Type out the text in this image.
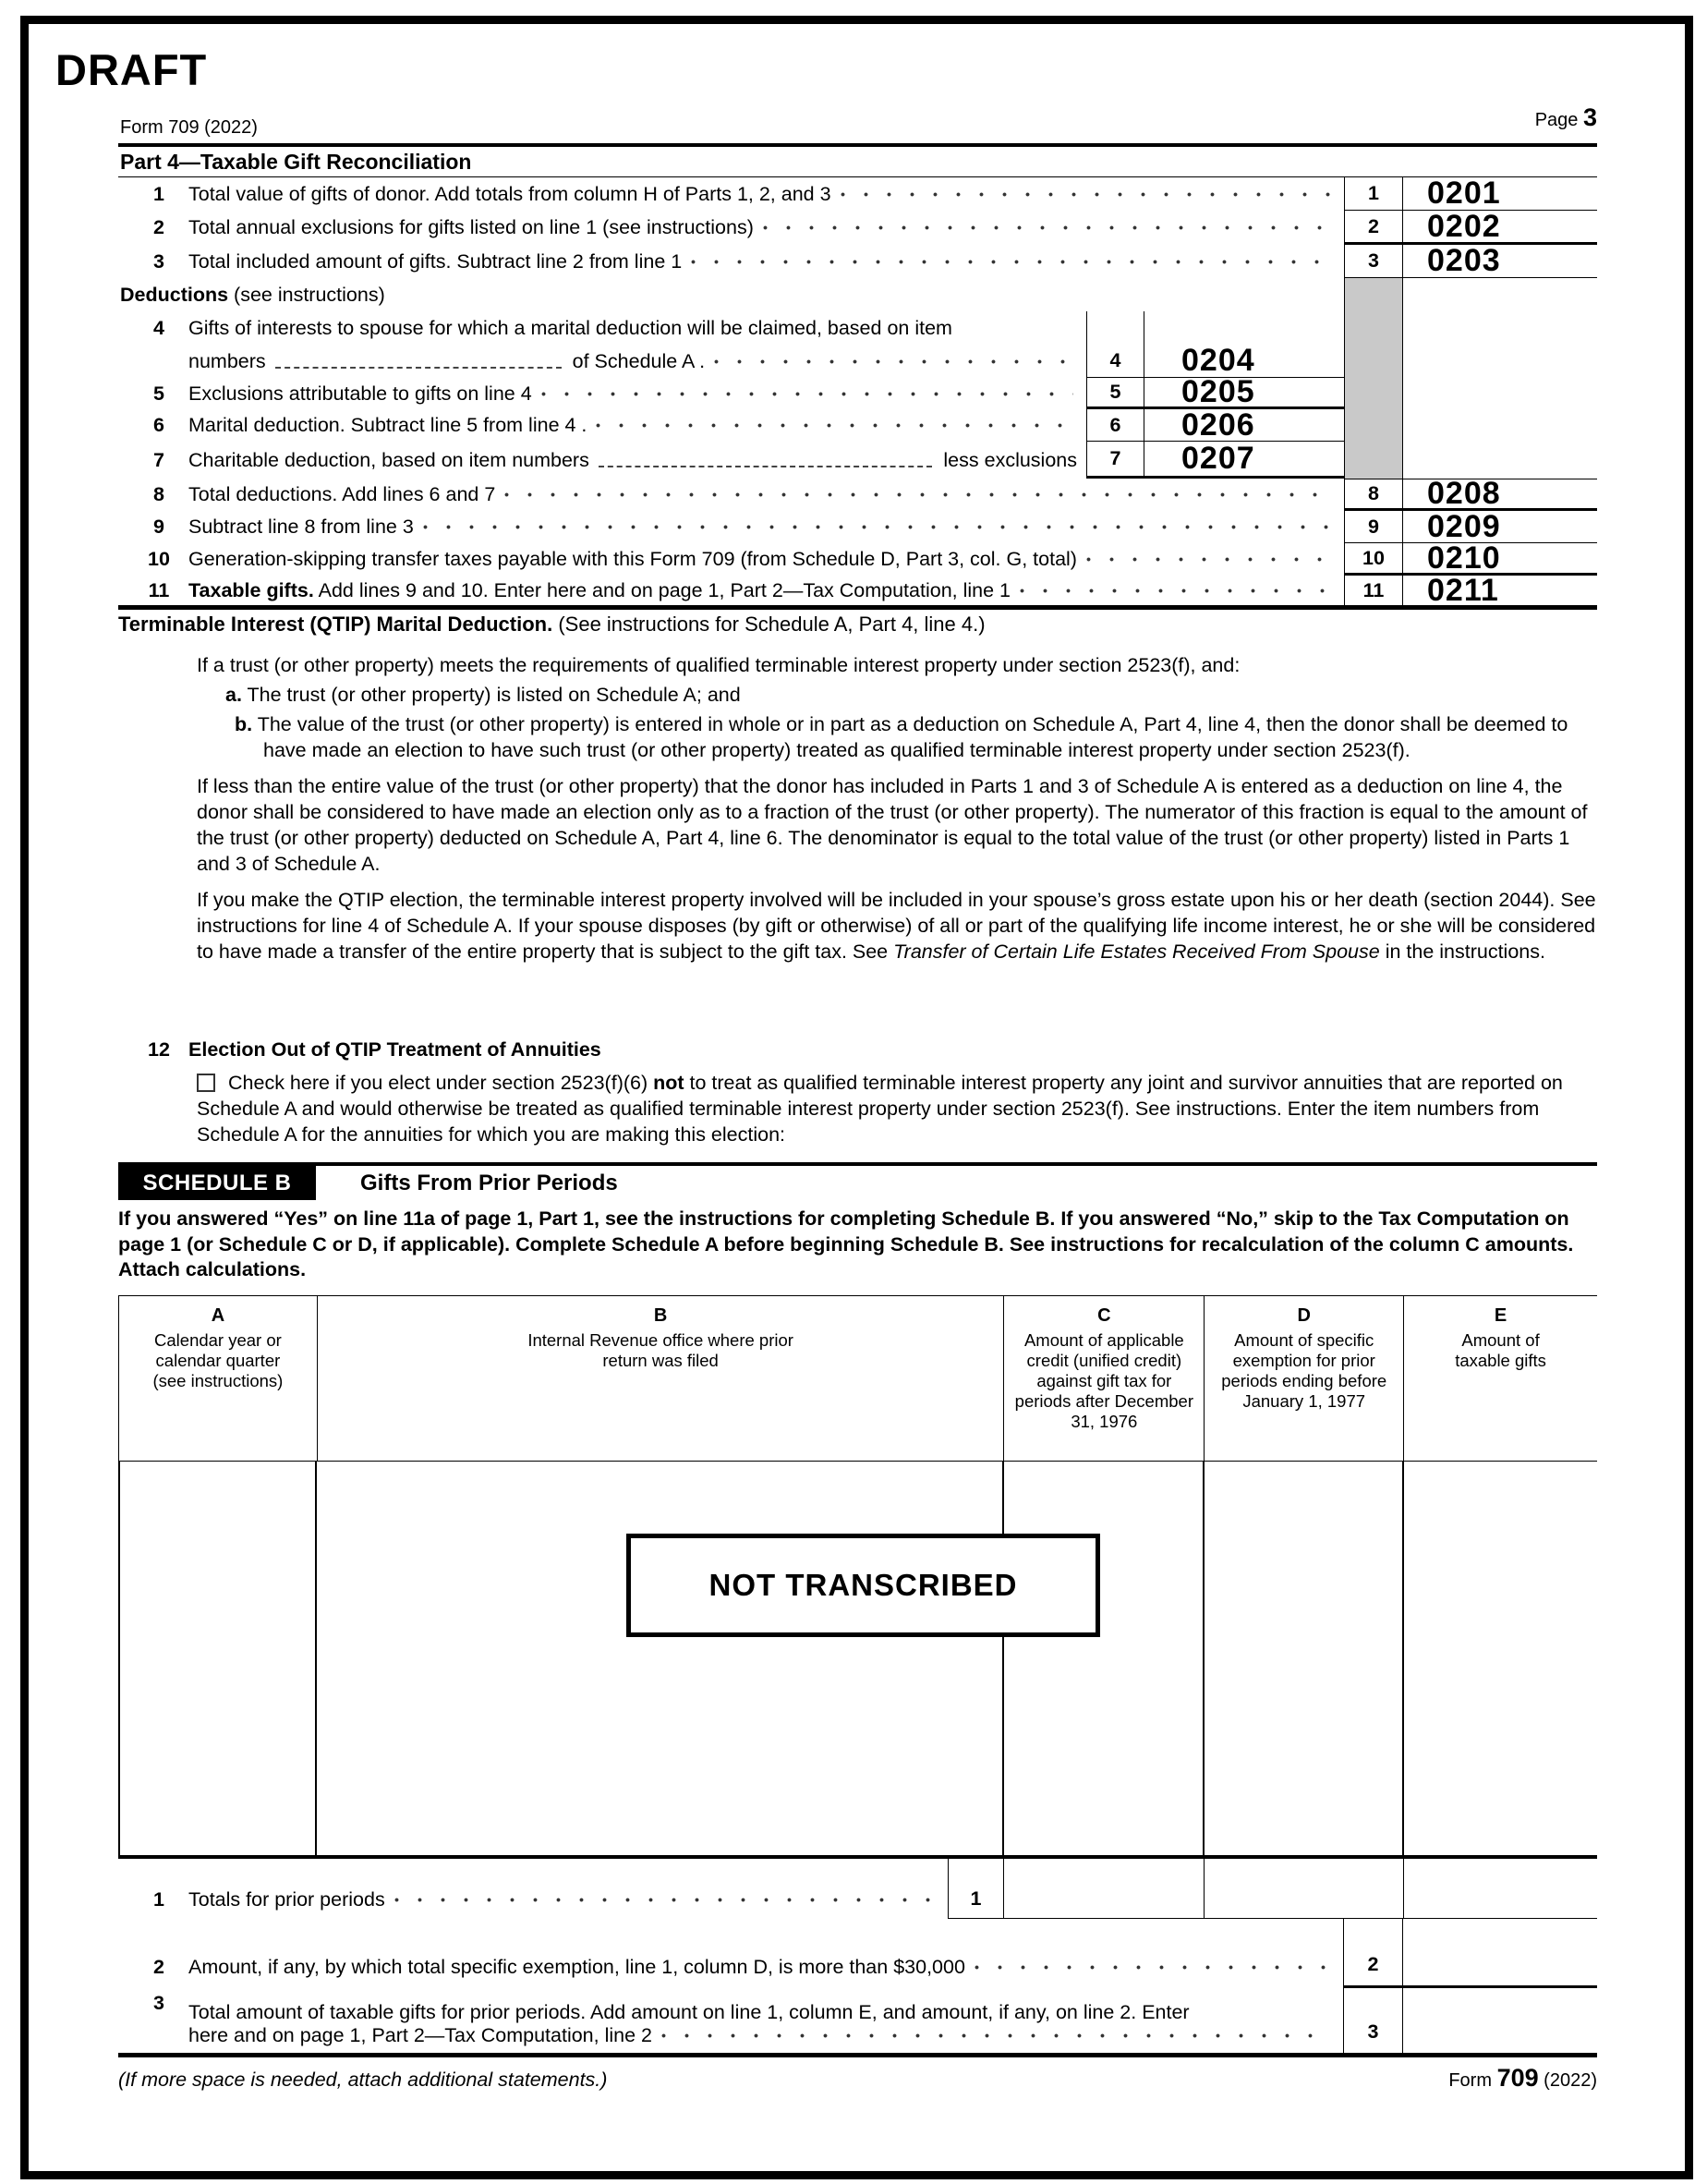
DRAFT
Form 709 (2022)	Page 3
Part 4—Taxable Gift Reconciliation
1	Total value of gifts of donor. Add totals from column H of Parts 1, 2, and 3	1	0201
2	Total annual exclusions for gifts listed on line 1 (see instructions)	2	0202
3	Total included amount of gifts. Subtract line 2 from line 1	3	0203
Deductions (see instructions)
4	Gifts of interests to spouse for which a marital deduction will be claimed, based on item
numbers	of Schedule A .	4	0204
5	Exclusions attributable to gifts on line 4	5	0205
6	Marital deduction. Subtract line 5 from line 4 .	6	0206
7	Charitable deduction, based on item numbers	less exclusions	7	0207
8	Total deductions. Add lines 6 and 7	8	0208
9	Subtract line 8 from line 3	9	0209
10 Generation-skipping transfer taxes payable with this Form 709 (from Schedule D, Part 3, col. G, total)	10	0210
11 Taxable gifts. Add lines 9 and 10. Enter here and on page 1, Part 2—Tax Computation, line 1	11	0211
Terminable Interest (QTIP) Marital Deduction. (See instructions for Schedule A, Part 4, line 4.)

If a trust (or other property) meets the requirements of qualified terminable interest property under section 2523(f), and:

a. The trust (or other property) is listed on Schedule A; and

b. The value of the trust (or other property) is entered in whole or in part as a deduction on Schedule A, Part 4, line 4, then the donor shall be deemed to have made an election to have such trust (or other property) treated as qualified terminable interest property under section 2523(f).

If less than the entire value of the trust (or other property) that the donor has included in Parts 1 and 3 of Schedule A is entered as a deduction on line 4, the donor shall be considered to have made an election only as to a fraction of the trust (or other property). The numerator of this fraction is equal to the amount of the trust (or other property) deducted on Schedule A, Part 4, line 6. The denominator is equal to the total value of the trust (or other property) listed in Parts 1 and 3 of Schedule A.

If you make the QTIP election, the terminable interest property involved will be included in your spouse’s gross estate upon his or her death (section 2044). See instructions for line 4 of Schedule A. If your spouse disposes (by gift or otherwise) of all or part of the qualifying life income interest, he or she will be considered to have made a transfer of the entire property that is subject to the gift tax. See Transfer of Certain Life Estates Received From Spouse in the instructions.

12 Election Out of QTIP Treatment of Annuities
Check here if you elect under section 2523(f)(6) not to treat as qualified terminable interest property any joint and survivor annuities that are reported on Schedule A and would otherwise be treated as qualified terminable interest property under section 2523(f). See instructions. Enter the item numbers from Schedule A for the annuities for which you are making this election:
SCHEDULE B	Gifts From Prior Periods
If you answered “Yes” on line 11a of page 1, Part 1, see the instructions for completing Schedule B. If you answered “No,” skip to the Tax Computation on page 1 (or Schedule C or D, if applicable). Complete Schedule A before beginning Schedule B. See instructions for recalculation of the column C amounts. Attach calculations.
A
Calendar year or calendar quarter (see instructions)
B
Internal Revenue office where prior return was filed
C
Amount of applicable credit (unified credit) against gift tax for periods after December 31, 1976
D
Amount of specific exemption for prior periods ending before January 1, 1977
E
Amount of taxable gifts
NOT TRANSCRIBED
1	Totals for prior periods	1
2	Amount, if any, by which total specific exemption, line 1, column D, is more than $30,000	2
3	Total amount of taxable gifts for prior periods. Add amount on line 1, column E, and amount, if any, on line 2. Enter
here and on page 1, Part 2—Tax Computation, line 2	3
(If more space is needed, attach additional statements.)	Form 709 (2022)
